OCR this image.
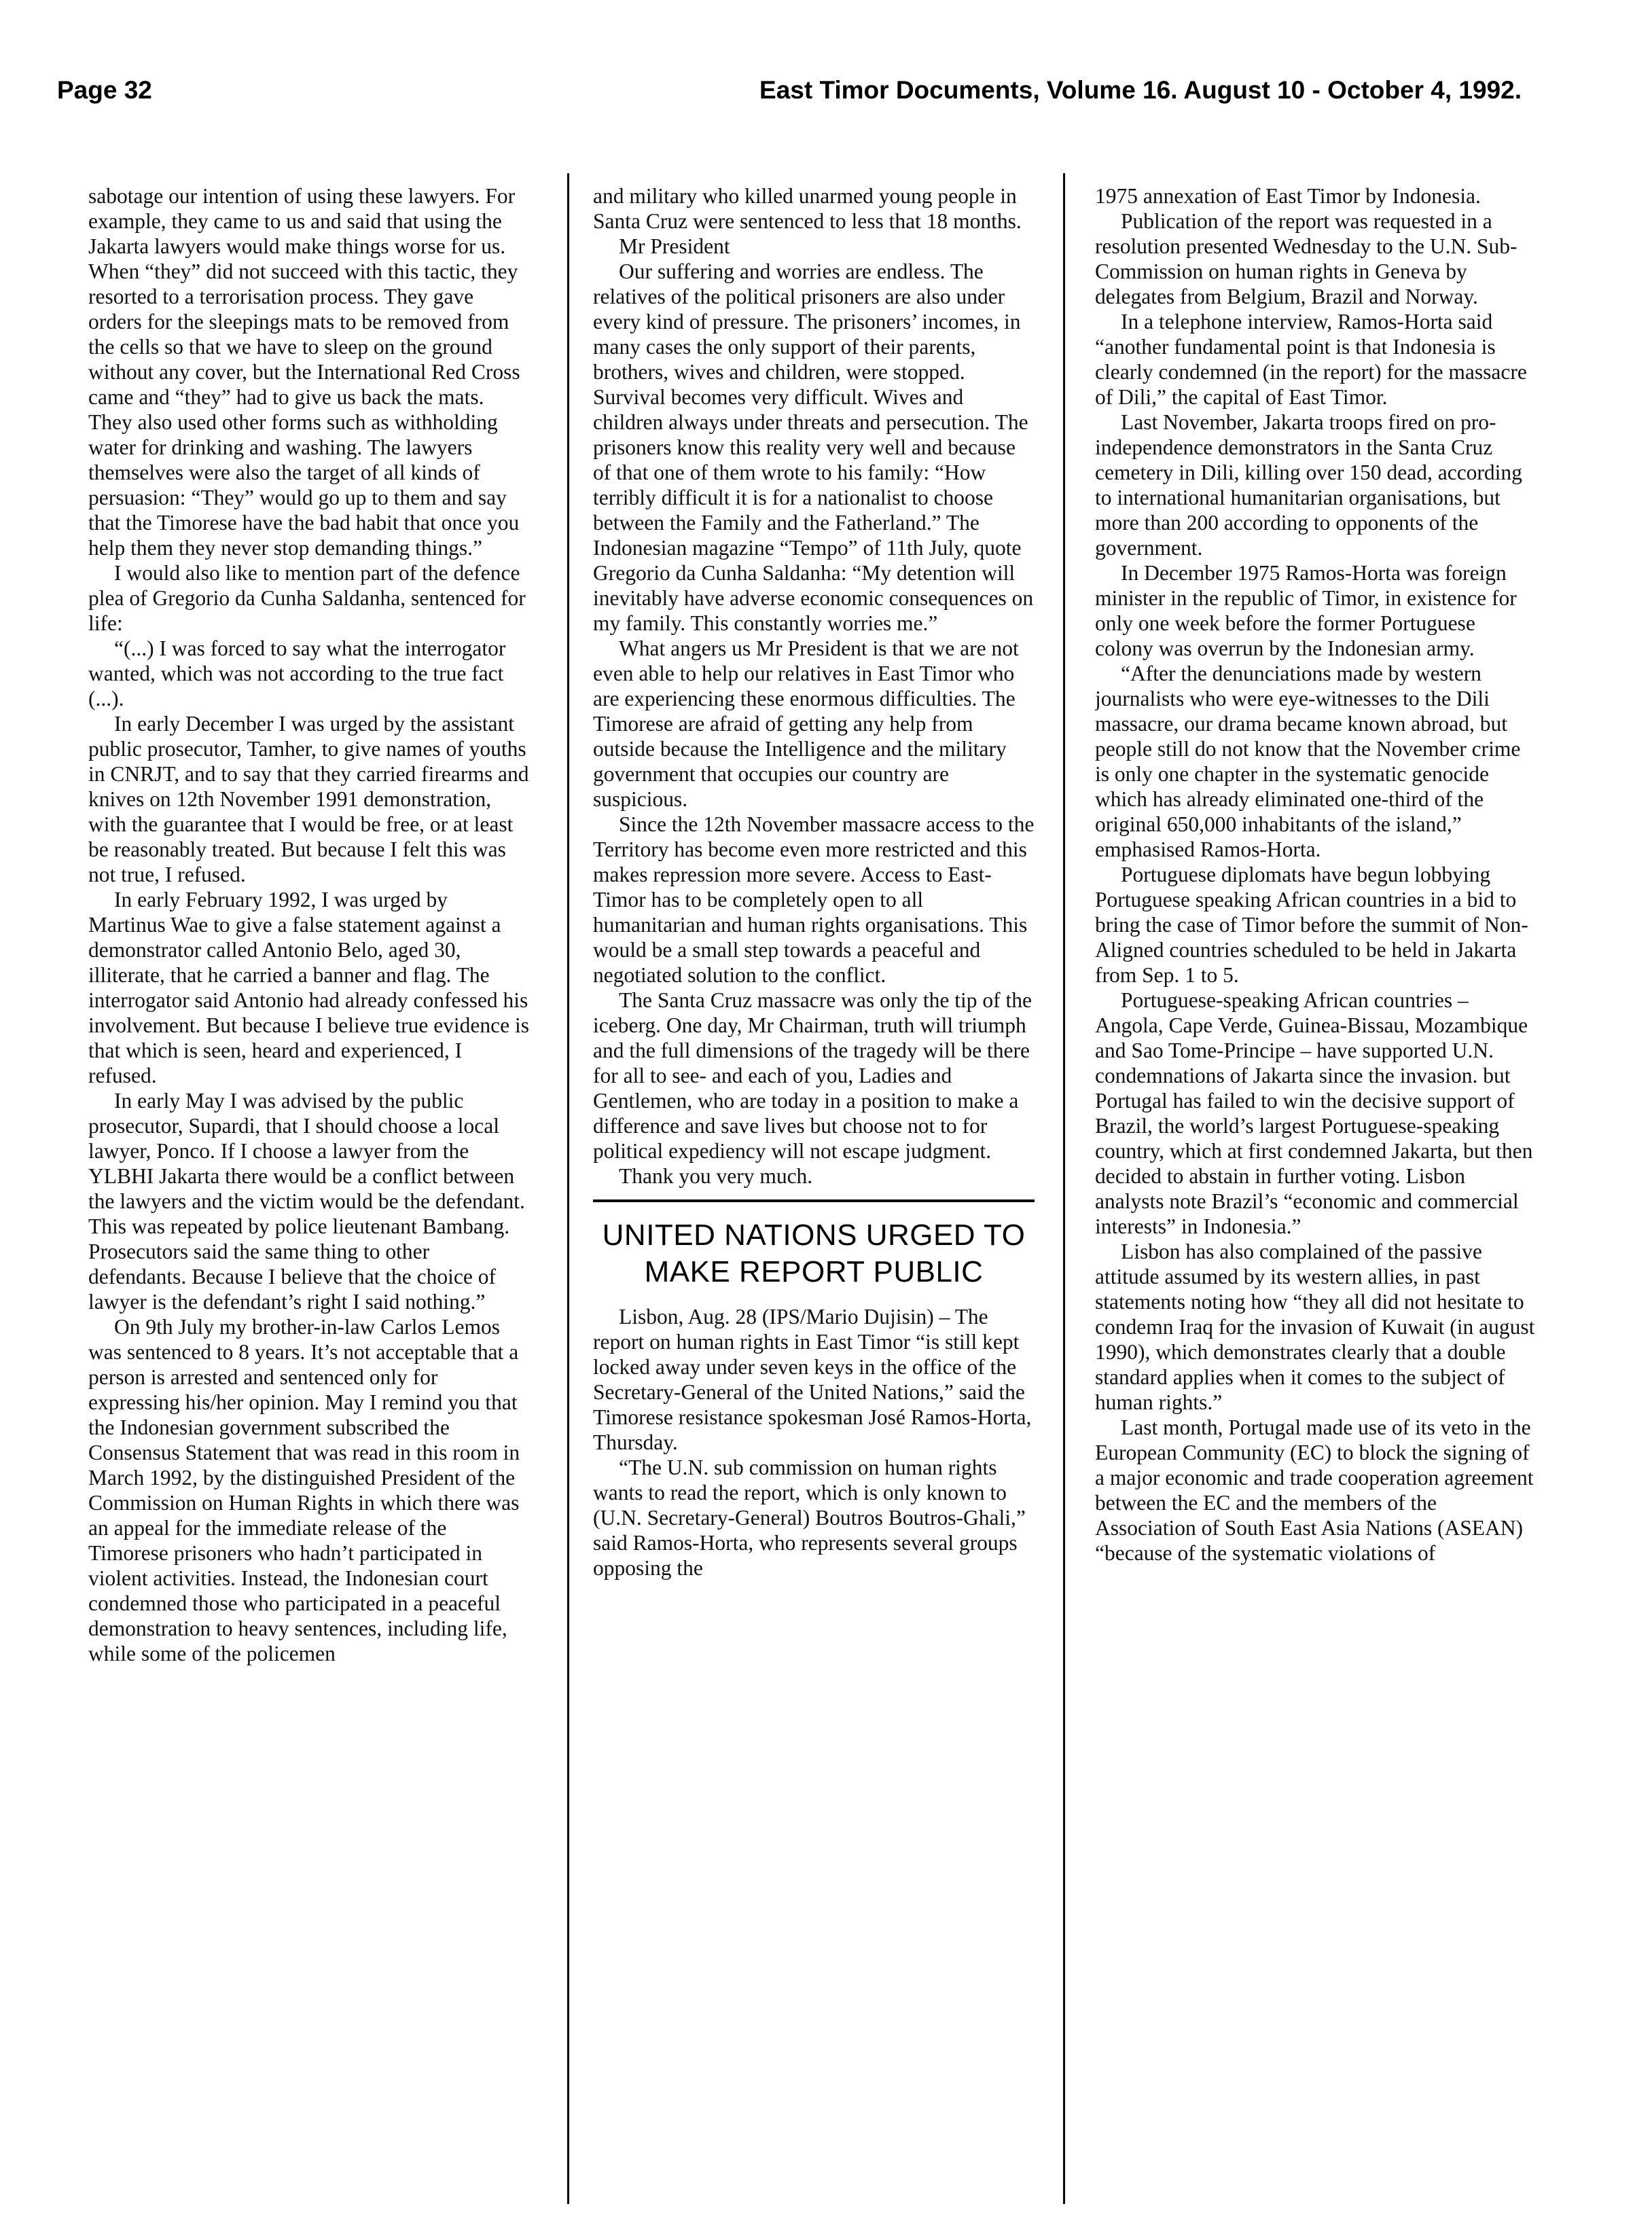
Page 32	East Timor Documents, Volume 16. August 10 - October 4, 1992.

sabotage our intention of using these lawyers. For example, they came to us and said that using the Jakarta lawyers would make things worse for us. When “they” did not succeed with this tactic, they resorted to a terrorisation process. They gave orders for the sleepings mats to be removed from the cells so that we have to sleep on the ground without any cover, but the International Red Cross came and “they” had to give us back the mats. They also used other forms such as withholding water for drinking and washing. The lawyers themselves were also the target of all kinds of persuasion: “They” would go up to them and say that the Timorese have the bad habit that once you help them they never stop demanding things.”

I would also like to mention part of the defence plea of Gregorio da Cunha Saldanha, sentenced for life:

“(...) I was forced to say what the interrogator wanted, which was not according to the true fact (...).

In early December I was urged by the assistant public prosecutor, Tamher, to give names of youths in CNRJT, and to say that they carried firearms and knives on 12th November 1991 demonstration, with the guarantee that I would be free, or at least be reasonably treated. But because I felt this was not true, I refused.

In early February 1992, I was urged by Martinus Wae to give a false statement against a demonstrator called Antonio Belo, aged 30, illiterate, that he carried a banner and flag. The interrogator said Antonio had already confessed his involvement. But because I believe true evidence is that which is seen, heard and experienced, I refused.

In early May I was advised by the public prosecutor, Supardi, that I should choose a local lawyer, Ponco. If I choose a lawyer from the YLBHI Jakarta there would be a conflict between the lawyers and the victim would be the defendant. This was repeated by police lieutenant Bambang. Prosecutors said the same thing to other defendants. Because I believe that the choice of lawyer is the defendant’s right I said nothing.”

On 9th July my brother-in-law Carlos Lemos was sentenced to 8 years. It’s not acceptable that a person is arrested and sentenced only for expressing his/her opinion. May I remind you that the Indonesian government subscribed the Consensus Statement that was read in this room in March 1992, by the distinguished President of the Commission on Human Rights in which there was an appeal for the immediate release of the Timorese prisoners who hadn’t participated in violent activities. Instead, the Indonesian court condemned those who participated in a peaceful demonstration to heavy sentences, including life, while some of the policemen

and military who killed unarmed young people in Santa Cruz were sentenced to less that 18 months.

Mr President

Our suffering and worries are endless. The relatives of the political prisoners are also under every kind of pressure. The prisoners’ incomes, in many cases the only support of their parents, brothers, wives and children, were stopped. Survival becomes very difficult. Wives and children always under threats and persecution. The prisoners know this reality very well and because of that one of them wrote to his family: “How terribly difficult it is for a nationalist to choose between the Family and the Fatherland.” The Indonesian magazine “Tempo” of 11th July, quote Gregorio da Cunha Saldanha: “My detention will inevitably have adverse economic consequences on my family. This constantly worries me.”

What angers us Mr President is that we are not even able to help our relatives in East Timor who are experiencing these enormous difficulties. The Timorese are afraid of getting any help from outside because the Intelligence and the military government that occupies our country are suspicious.

Since the 12th November massacre access to the Territory has become even more restricted and this makes repression more severe. Access to East-Timor has to be completely open to all humanitarian and human rights organisations. This would be a small step towards a peaceful and negotiated solution to the conflict.

The Santa Cruz massacre was only the tip of the iceberg. One day, Mr Chairman, truth will triumph and the full dimensions of the tragedy will be there for all to see- and each of you, Ladies and Gentlemen, who are today in a position to make a difference and save lives but choose not to for political expediency will not escape judgment.

Thank you very much.

UNITED NATIONS URGED TO MAKE REPORT PUBLIC

Lisbon, Aug. 28 (IPS/Mario Dujisin) – The report on human rights in East Timor “is still kept locked away under seven keys in the office of the Secretary-General of the United Nations,” said the Timorese resistance spokesman José Ramos-Horta, Thursday.

“The U.N. sub commission on human rights wants to read the report, which is only known to (U.N. Secretary-General) Boutros Boutros-Ghali,” said Ramos-Horta, who represents several groups opposing the

1975 annexation of East Timor by Indonesia.

Publication of the report was requested in a resolution presented Wednesday to the U.N. Sub-Commission on human rights in Geneva by delegates from Belgium, Brazil and Norway.

In a telephone interview, Ramos-Horta said “another fundamental point is that Indonesia is clearly condemned (in the report) for the massacre of Dili,” the capital of East Timor.

Last November, Jakarta troops fired on pro-independence demonstrators in the Santa Cruz cemetery in Dili, killing over 150 dead, according to international humanitarian organisations, but more than 200 according to opponents of the government.

In December 1975 Ramos-Horta was foreign minister in the republic of Timor, in existence for only one week before the former Portuguese colony was overrun by the Indonesian army.

“After the denunciations made by western journalists who were eye-witnesses to the Dili massacre, our drama became known abroad, but people still do not know that the November crime is only one chapter in the systematic genocide which has already eliminated one-third of the original 650,000 inhabitants of the island,” emphasised Ramos-Horta.

Portuguese diplomats have begun lobbying Portuguese speaking African countries in a bid to bring the case of Timor before the summit of Non-Aligned countries scheduled to be held in Jakarta from Sep. 1 to 5.

Portuguese-speaking African countries – Angola, Cape Verde, Guinea-Bissau, Mozambique and Sao Tome-Principe – have supported U.N. condemnations of Jakarta since the invasion. but Portugal has failed to win the decisive support of Brazil, the world’s largest Portuguese-speaking country, which at first condemned Jakarta, but then decided to abstain in further voting. Lisbon analysts note Brazil’s “economic and commercial interests” in Indonesia.”

Lisbon has also complained of the passive attitude assumed by its western allies, in past statements noting how “they all did not hesitate to condemn Iraq for the invasion of Kuwait (in august 1990), which demonstrates clearly that a double standard applies when it comes to the subject of human rights.”

Last month, Portugal made use of its veto in the European Community (EC) to block the signing of a major economic and trade cooperation agreement between the EC and the members of the Association of South East Asia Nations (ASEAN) “because of the systematic violations of
